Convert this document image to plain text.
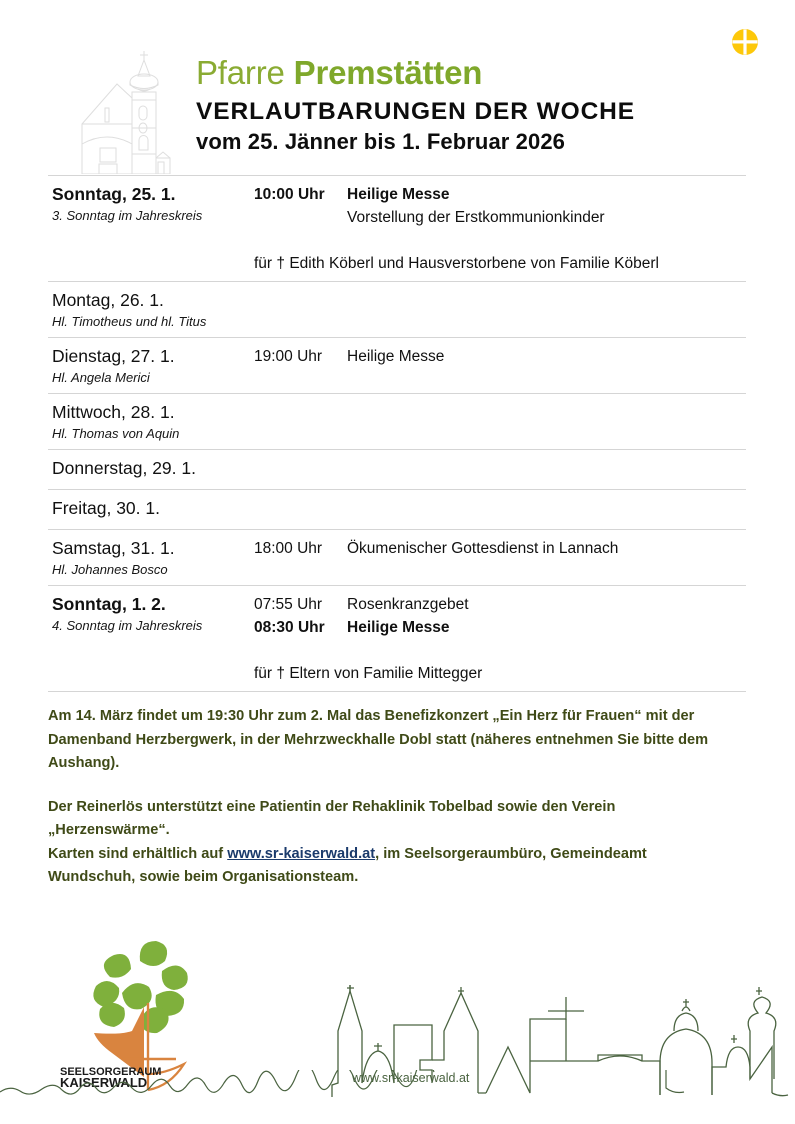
Pfarre Premstätten
VERLAUTBARUNGEN DER WOCHE
vom 25. Jänner bis 1. Februar 2026
Sonntag, 25. 1.
3. Sonntag im Jahreskreis
10:00 Uhr	Heilige Messe
Vorstellung der Erstkommunionkinder
für † Edith Köberl und Hausverstorbene von Familie Köberl
Montag, 26. 1.
Hl. Timotheus und hl. Titus
Dienstag, 27. 1.
Hl. Angela Merici
19:00 Uhr	Heilige Messe
Mittwoch, 28. 1.
Hl. Thomas von Aquin
Donnerstag, 29. 1.
Freitag, 30. 1.
Samstag, 31. 1.
Hl. Johannes Bosco
18:00 Uhr	Ökumenischer Gottesdienst in Lannach
Sonntag, 1. 2.
4. Sonntag im Jahreskreis
07:55 Uhr	Rosenkranzgebet
08:30 Uhr	Heilige Messe
für † Eltern von Familie Mittegger

Am 14. März findet um 19:30 Uhr zum 2. Mal das Benefizkonzert „Ein Herz für Frauen“ mit der Damenband Herzbergwerk, in der Mehrzweckhalle Dobl statt (näheres entnehmen Sie bitte dem Aushang).

Der Reinerlös unterstützt eine Patientin der Rehaklinik Tobelbad sowie den Verein „Herzenswärme“.

Karten sind erhältlich auf www.sr-kaiserwald.at, im Seelsorgeraumbüro, Gemeindeamt Wundschuh, sowie beim Organisationsteam.

SEELSORGERAUM
KAISERWALD	www.sr-kaiserwald.at
